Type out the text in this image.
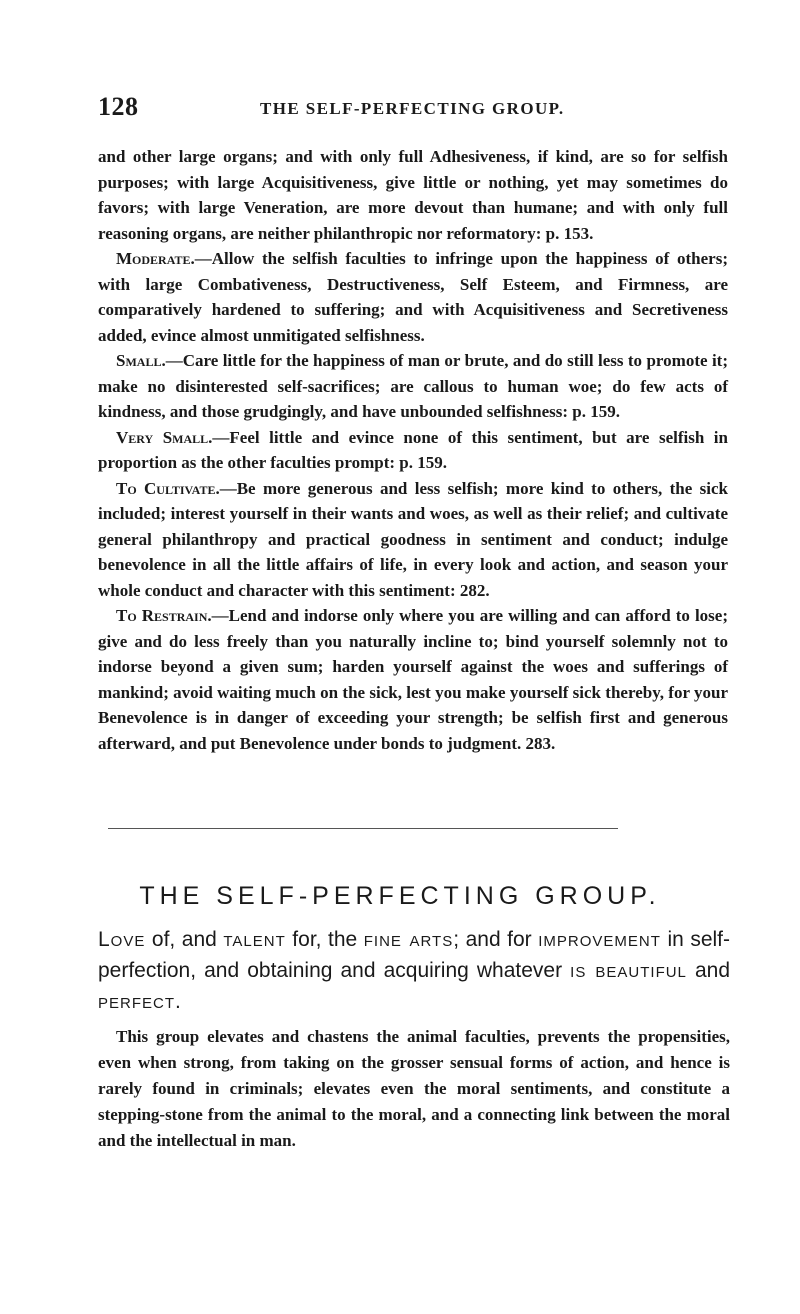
128	THE SELF-PERFECTING GROUP.

and other large organs; and with only full Adhesiveness, if kind, are so for selfish purposes; with large Acquisitiveness, give little or nothing, yet may sometimes do favors; with large Veneration, are more devout than humane; and with only full reasoning organs, are neither philanthropic nor reformatory: p. 153.

Moderate.—Allow the selfish faculties to infringe upon the happiness of others; with large Combativeness, Destructiveness, Self Esteem, and Firmness, are comparatively hardened to suffering; and with Acquisitiveness and Secretiveness added, evince almost unmitigated selfishness.

Small.—Care little for the happiness of man or brute, and do still less to promote it; make no disinterested self-sacrifices; are callous to human woe; do few acts of kindness, and those grudgingly, and have unbounded selfishness: p. 159.

Very Small.—Feel little and evince none of this sentiment, but are selfish in proportion as the other faculties prompt: p. 159.

To Cultivate.—Be more generous and less selfish; more kind to others, the sick included; interest yourself in their wants and woes, as well as their relief; and cultivate general philanthropy and practical goodness in sentiment and conduct; indulge benevolence in all the little affairs of life, in every look and action, and season your whole conduct and character with this sentiment: 282.

To Restrain.—Lend and indorse only where you are willing and can afford to lose; give and do less freely than you naturally incline to; bind yourself solemnly not to indorse beyond a given sum; harden yourself against the woes and sufferings of mankind; avoid waiting much on the sick, lest you make yourself sick thereby, for your Benevolence is in danger of exceeding your strength; be selfish first and generous afterward, and put Benevolence under bonds to judgment. 283.

THE SELF-PERFECTING GROUP.
Love of, and talent for, the fine arts; and for improvement in self-perfection, and obtaining and acquiring whatever is beautiful and perfect.

This group elevates and chastens the animal faculties, prevents the propensities, even when strong, from taking on the grosser sensual forms of action, and hence is rarely found in criminals; elevates even the moral sentiments, and constitute a stepping-stone from the animal to the moral, and a connecting link between the moral and the intellectual in man.
